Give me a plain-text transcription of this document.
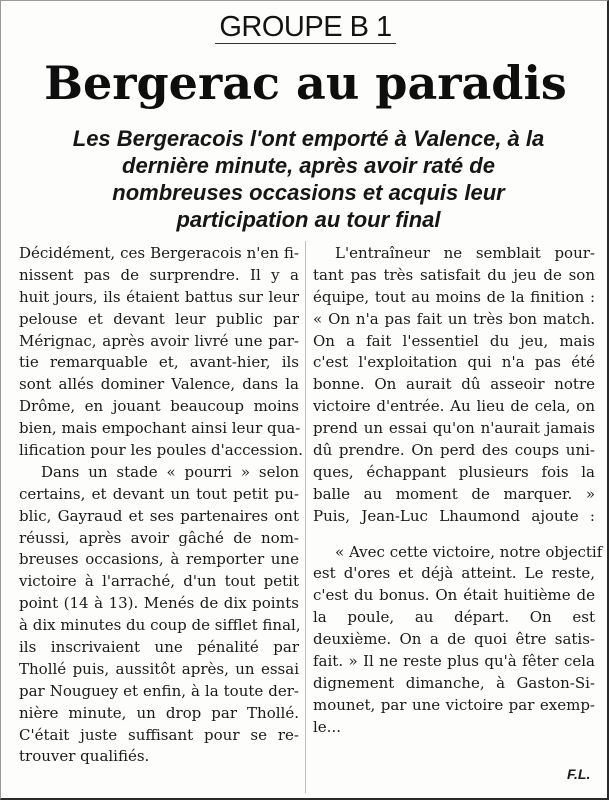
GROUPE B 1
Bergerac au paradis
Les Bergeracois l'ont emporté à Valence, à la
dernière minute, après avoir raté de
nombreuses occasions et acquis leur
participation au tour final
Décidément, ces Bergeracois n'en fi-
nissent pas de surprendre. Il y a
huit jours, ils étaient battus sur leur
pelouse et devant leur public par
Mérignac, après avoir livré une par-
tie remarquable et, avant-hier, ils
sont allés dominer Valence, dans la
Drôme, en jouant beaucoup moins
bien, mais empochant ainsi leur qua-
lification pour les poules d'accession.
Dans un stade « pourri » selon
certains, et devant un tout petit pu-
blic, Gayraud et ses partenaires ont
réussi, après avoir gâché de nom-
breuses occasions, à remporter une
victoire à l'arraché, d'un tout petit
point (14 à 13). Menés de dix points
à dix minutes du coup de sifflet final,
ils inscrivaient une pénalité par
Thollé puis, aussitôt après, un essai
par Nouguey et enfin, à la toute der-
nière minute, un drop par Thollé.
C'était juste suffisant pour se re-
trouver qualifiés.
L'entraîneur ne semblait pour-
tant pas très satisfait du jeu de son
équipe, tout au moins de la finition :
« On n'a pas fait un très bon match.
On a fait l'essentiel du jeu, mais
c'est l'exploitation qui n'a pas été
bonne. On aurait dû asseoir notre
victoire d'entrée. Au lieu de cela, on
prend un essai qu'on n'aurait jamais
dû prendre. On perd des coups uni-
ques, échappant plusieurs fois la
balle au moment de marquer. »
Puis, Jean-Luc Lhaumond ajoute :
« Avec cette victoire, notre objectif
est d'ores et déjà atteint. Le reste,
c'est du bonus. On était huitième de
la poule, au départ. On est
deuxième. On a de quoi être satis-
fait. » Il ne reste plus qu'à fêter cela
dignement dimanche, à Gaston-Si-
mounet, par une victoire par exemp-
le...
F.L.
